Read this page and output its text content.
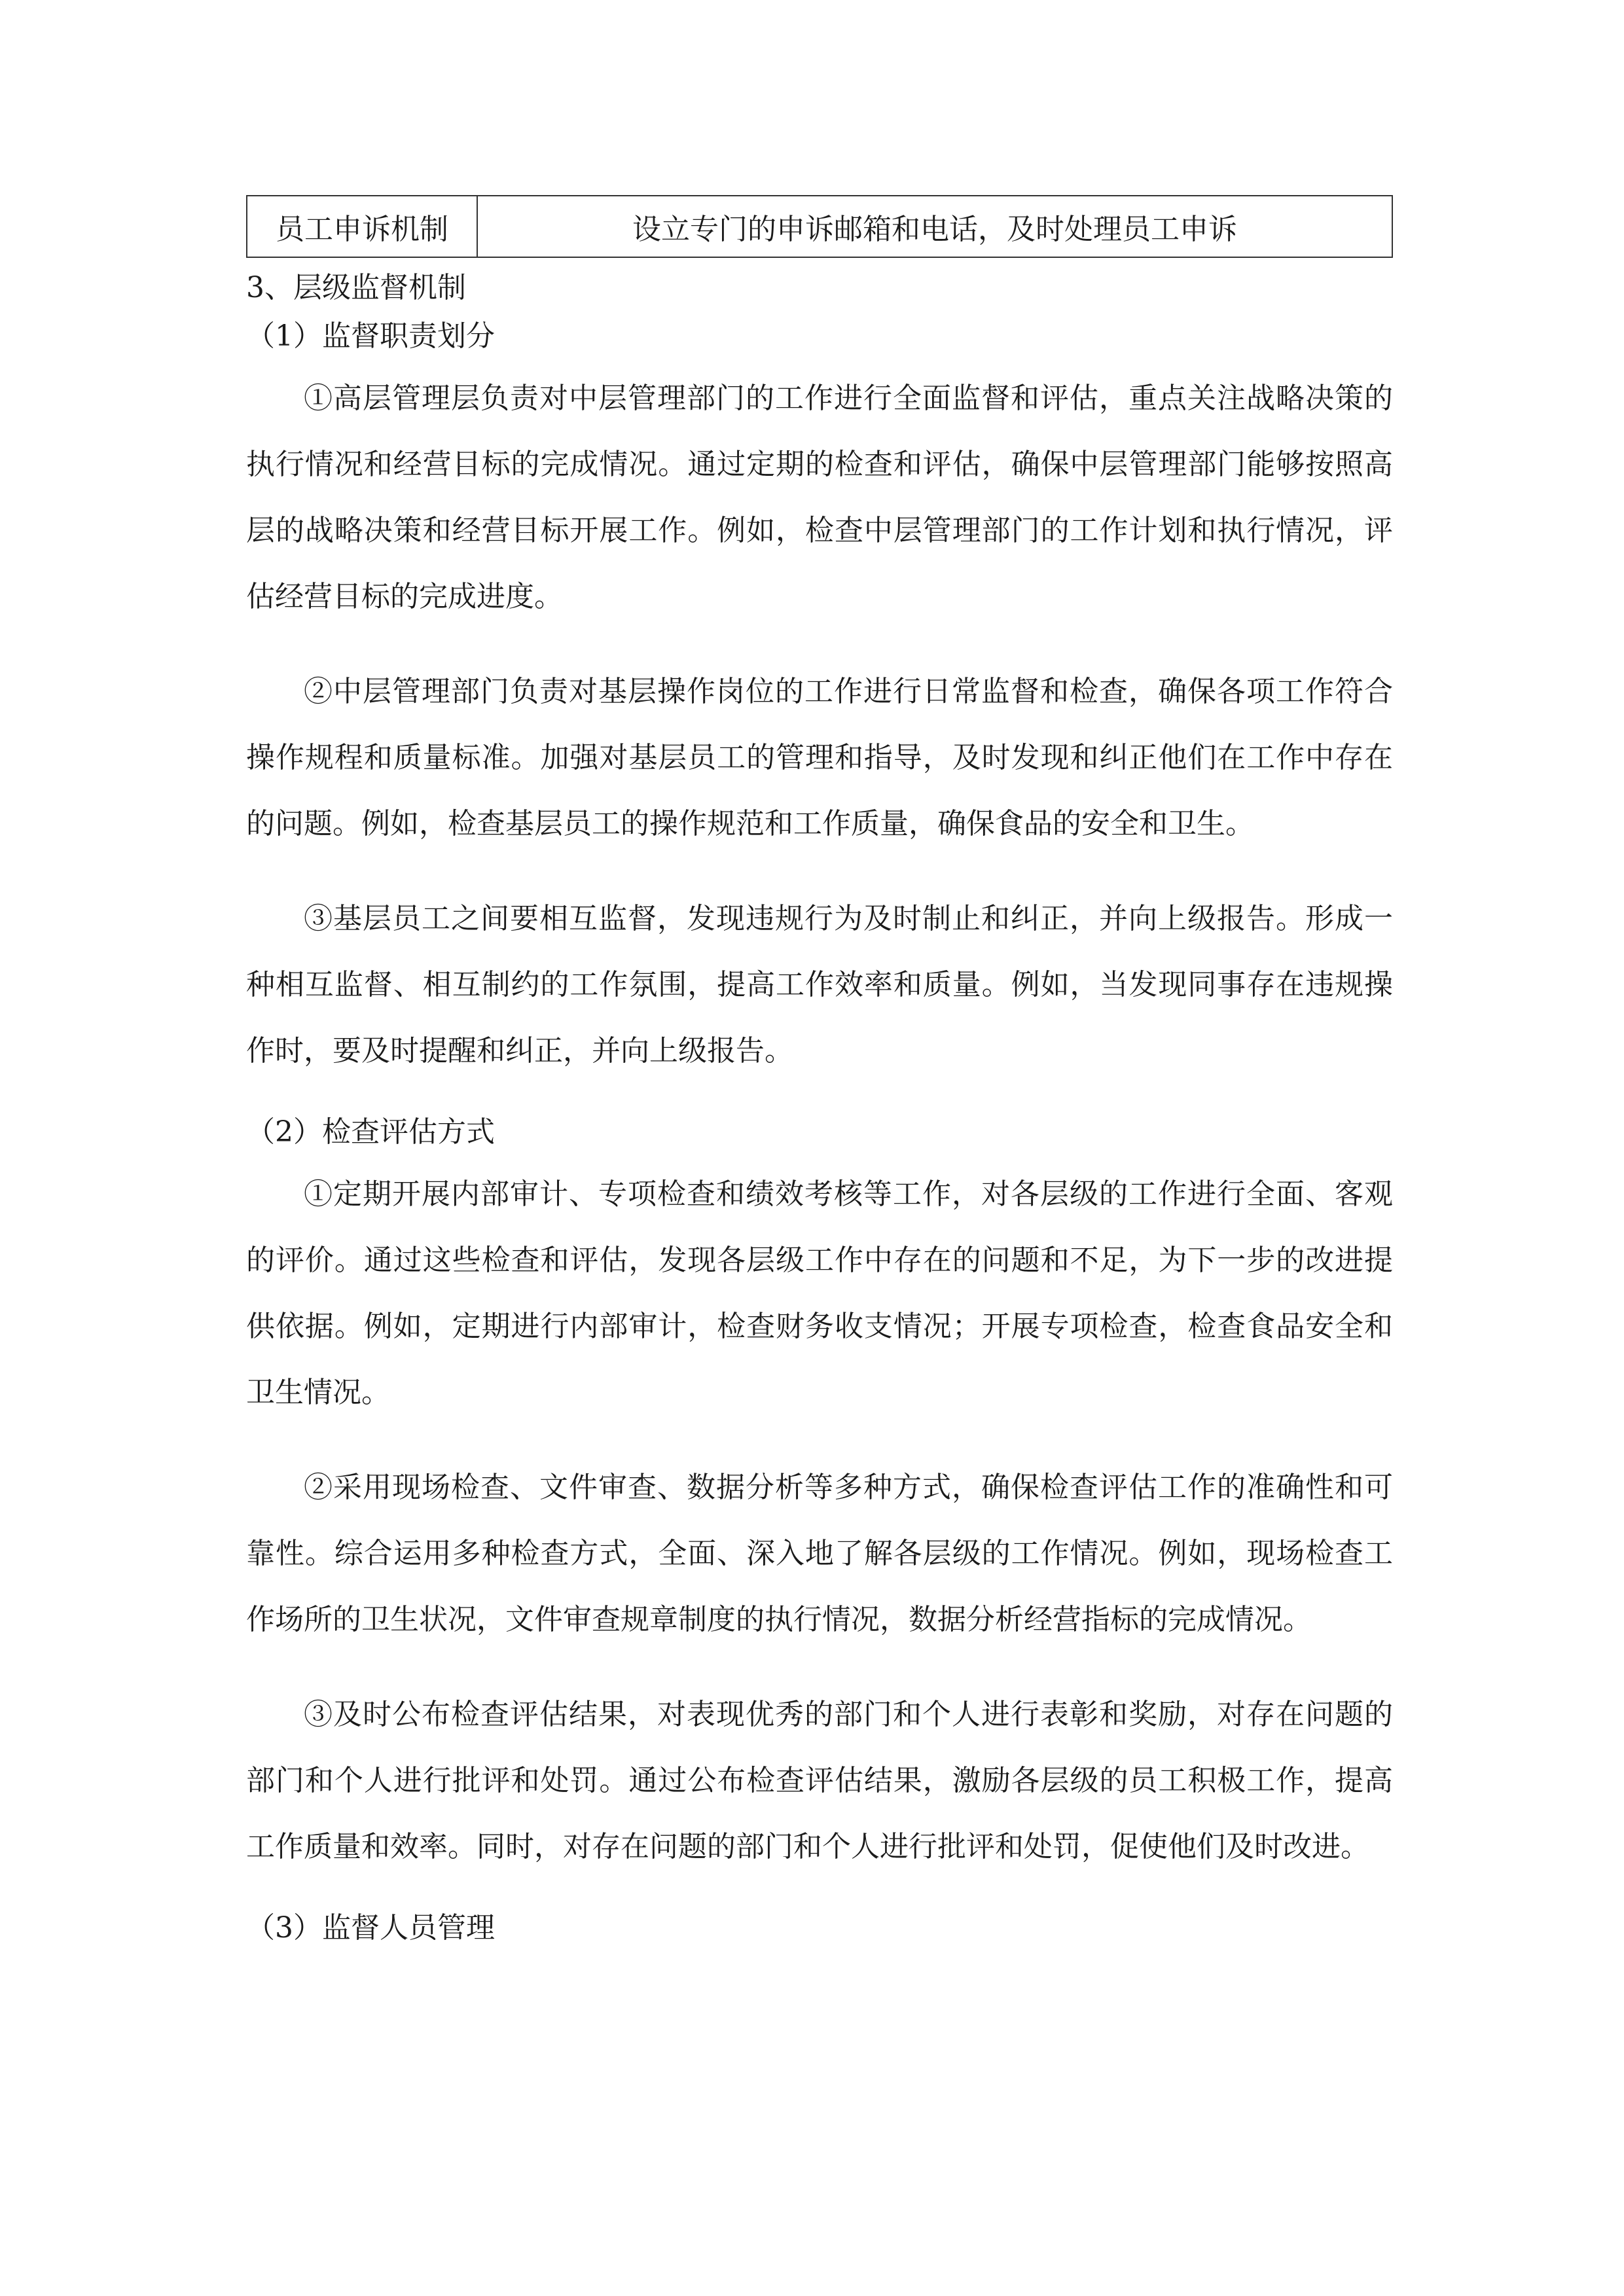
员工申诉机制	设立专门的申诉邮箱和电话，及时处理员工申诉
3、层级监督机制
（1）监督职责划分

①高层管理层负责对中层管理部门的工作进行全面监督和评估，重点关注战略决策的执行情况和经营目标的完成情况。通过定期的检查和评估，确保中层管理部门能够按照高层的战略决策和经营目标开展工作。例如，检查中层管理部门的工作计划和执行情况，评估经营目标的完成进度。

②中层管理部门负责对基层操作岗位的工作进行日常监督和检查，确保各项工作符合操作规程和质量标准。加强对基层员工的管理和指导，及时发现和纠正他们在工作中存在的问题。例如，检查基层员工的操作规范和工作质量，确保食品的安全和卫生。

③基层员工之间要相互监督，发现违规行为及时制止和纠正，并向上级报告。形成一种相互监督、相互制约的工作氛围，提高工作效率和质量。例如，当发现同事存在违规操作时，要及时提醒和纠正，并向上级报告。

（2）检查评估方式

①定期开展内部审计、专项检查和绩效考核等工作，对各层级的工作进行全面、客观的评价。通过这些检查和评估，发现各层级工作中存在的问题和不足，为下一步的改进提供依据。例如，定期进行内部审计，检查财务收支情况；开展专项检查，检查食品安全和卫生情况。

②采用现场检查、文件审查、数据分析等多种方式，确保检查评估工作的准确性和可靠性。综合运用多种检查方式，全面、深入地了解各层级的工作情况。例如，现场检查工作场所的卫生状况，文件审查规章制度的执行情况，数据分析经营指标的完成情况。

③及时公布检查评估结果，对表现优秀的部门和个人进行表彰和奖励，对存在问题的部门和个人进行批评和处罚。通过公布检查评估结果，激励各层级的员工积极工作，提高工作质量和效率。同时，对存在问题的部门和个人进行批评和处罚，促使他们及时改进。

（3）监督人员管理
